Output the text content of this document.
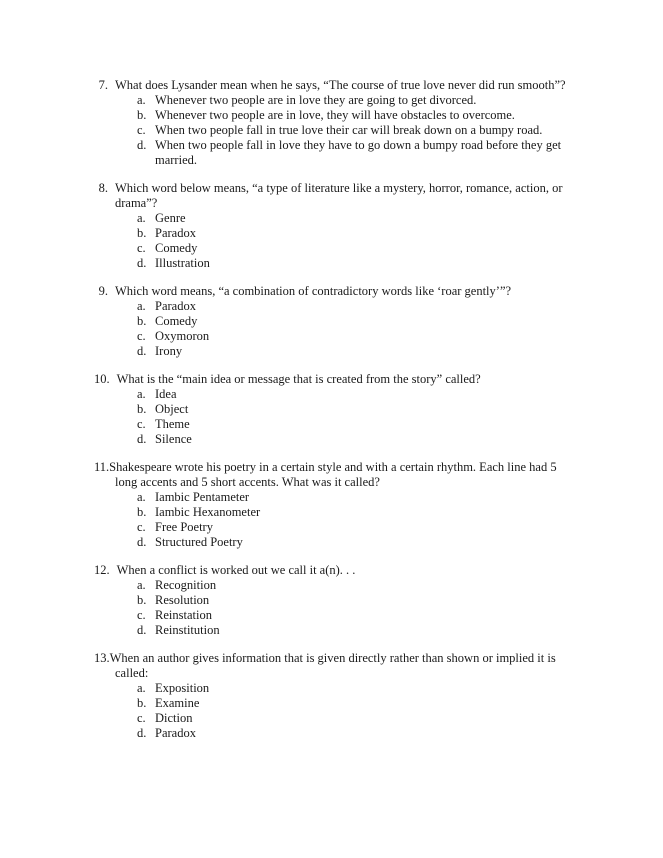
7. What does Lysander mean when he says, “The course of true love never did run smooth”?

a. Whenever two people are in love they are going to get divorced.

b. Whenever two people are in love, they will have obstacles to overcome.

c. When two people fall in true love their car will break down on a bumpy road.

d. When two people fall in love they have to go down a bumpy road before they get married.

8. Which word below means, “a type of literature like a mystery, horror, romance, action, or drama”?

a. Genre

b. Paradox

c. Comedy

d. Illustration

9. Which word means, “a combination of contradictory words like ‘roar gently’”?

a. Paradox

b. Comedy

c. Oxymoron

d. Irony

10. What is the “main idea or message that is created from the story” called?

a. Idea

b. Object

c. Theme

d. Silence

11.Shakespeare wrote his poetry in a certain style and with a certain rhythm. Each line had 5 long accents and 5 short accents. What was it called?

a. Iambic Pentameter

b. Iambic Hexanometer

c. Free Poetry

d. Structured Poetry

12. When a conflict is worked out we call it a(n). . .

a. Recognition

b. Resolution

c. Reinstation

d. Reinstitution

13.When an author gives information that is given directly rather than shown or implied it is called:

a. Exposition

b. Examine

c. Diction

d. Paradox
